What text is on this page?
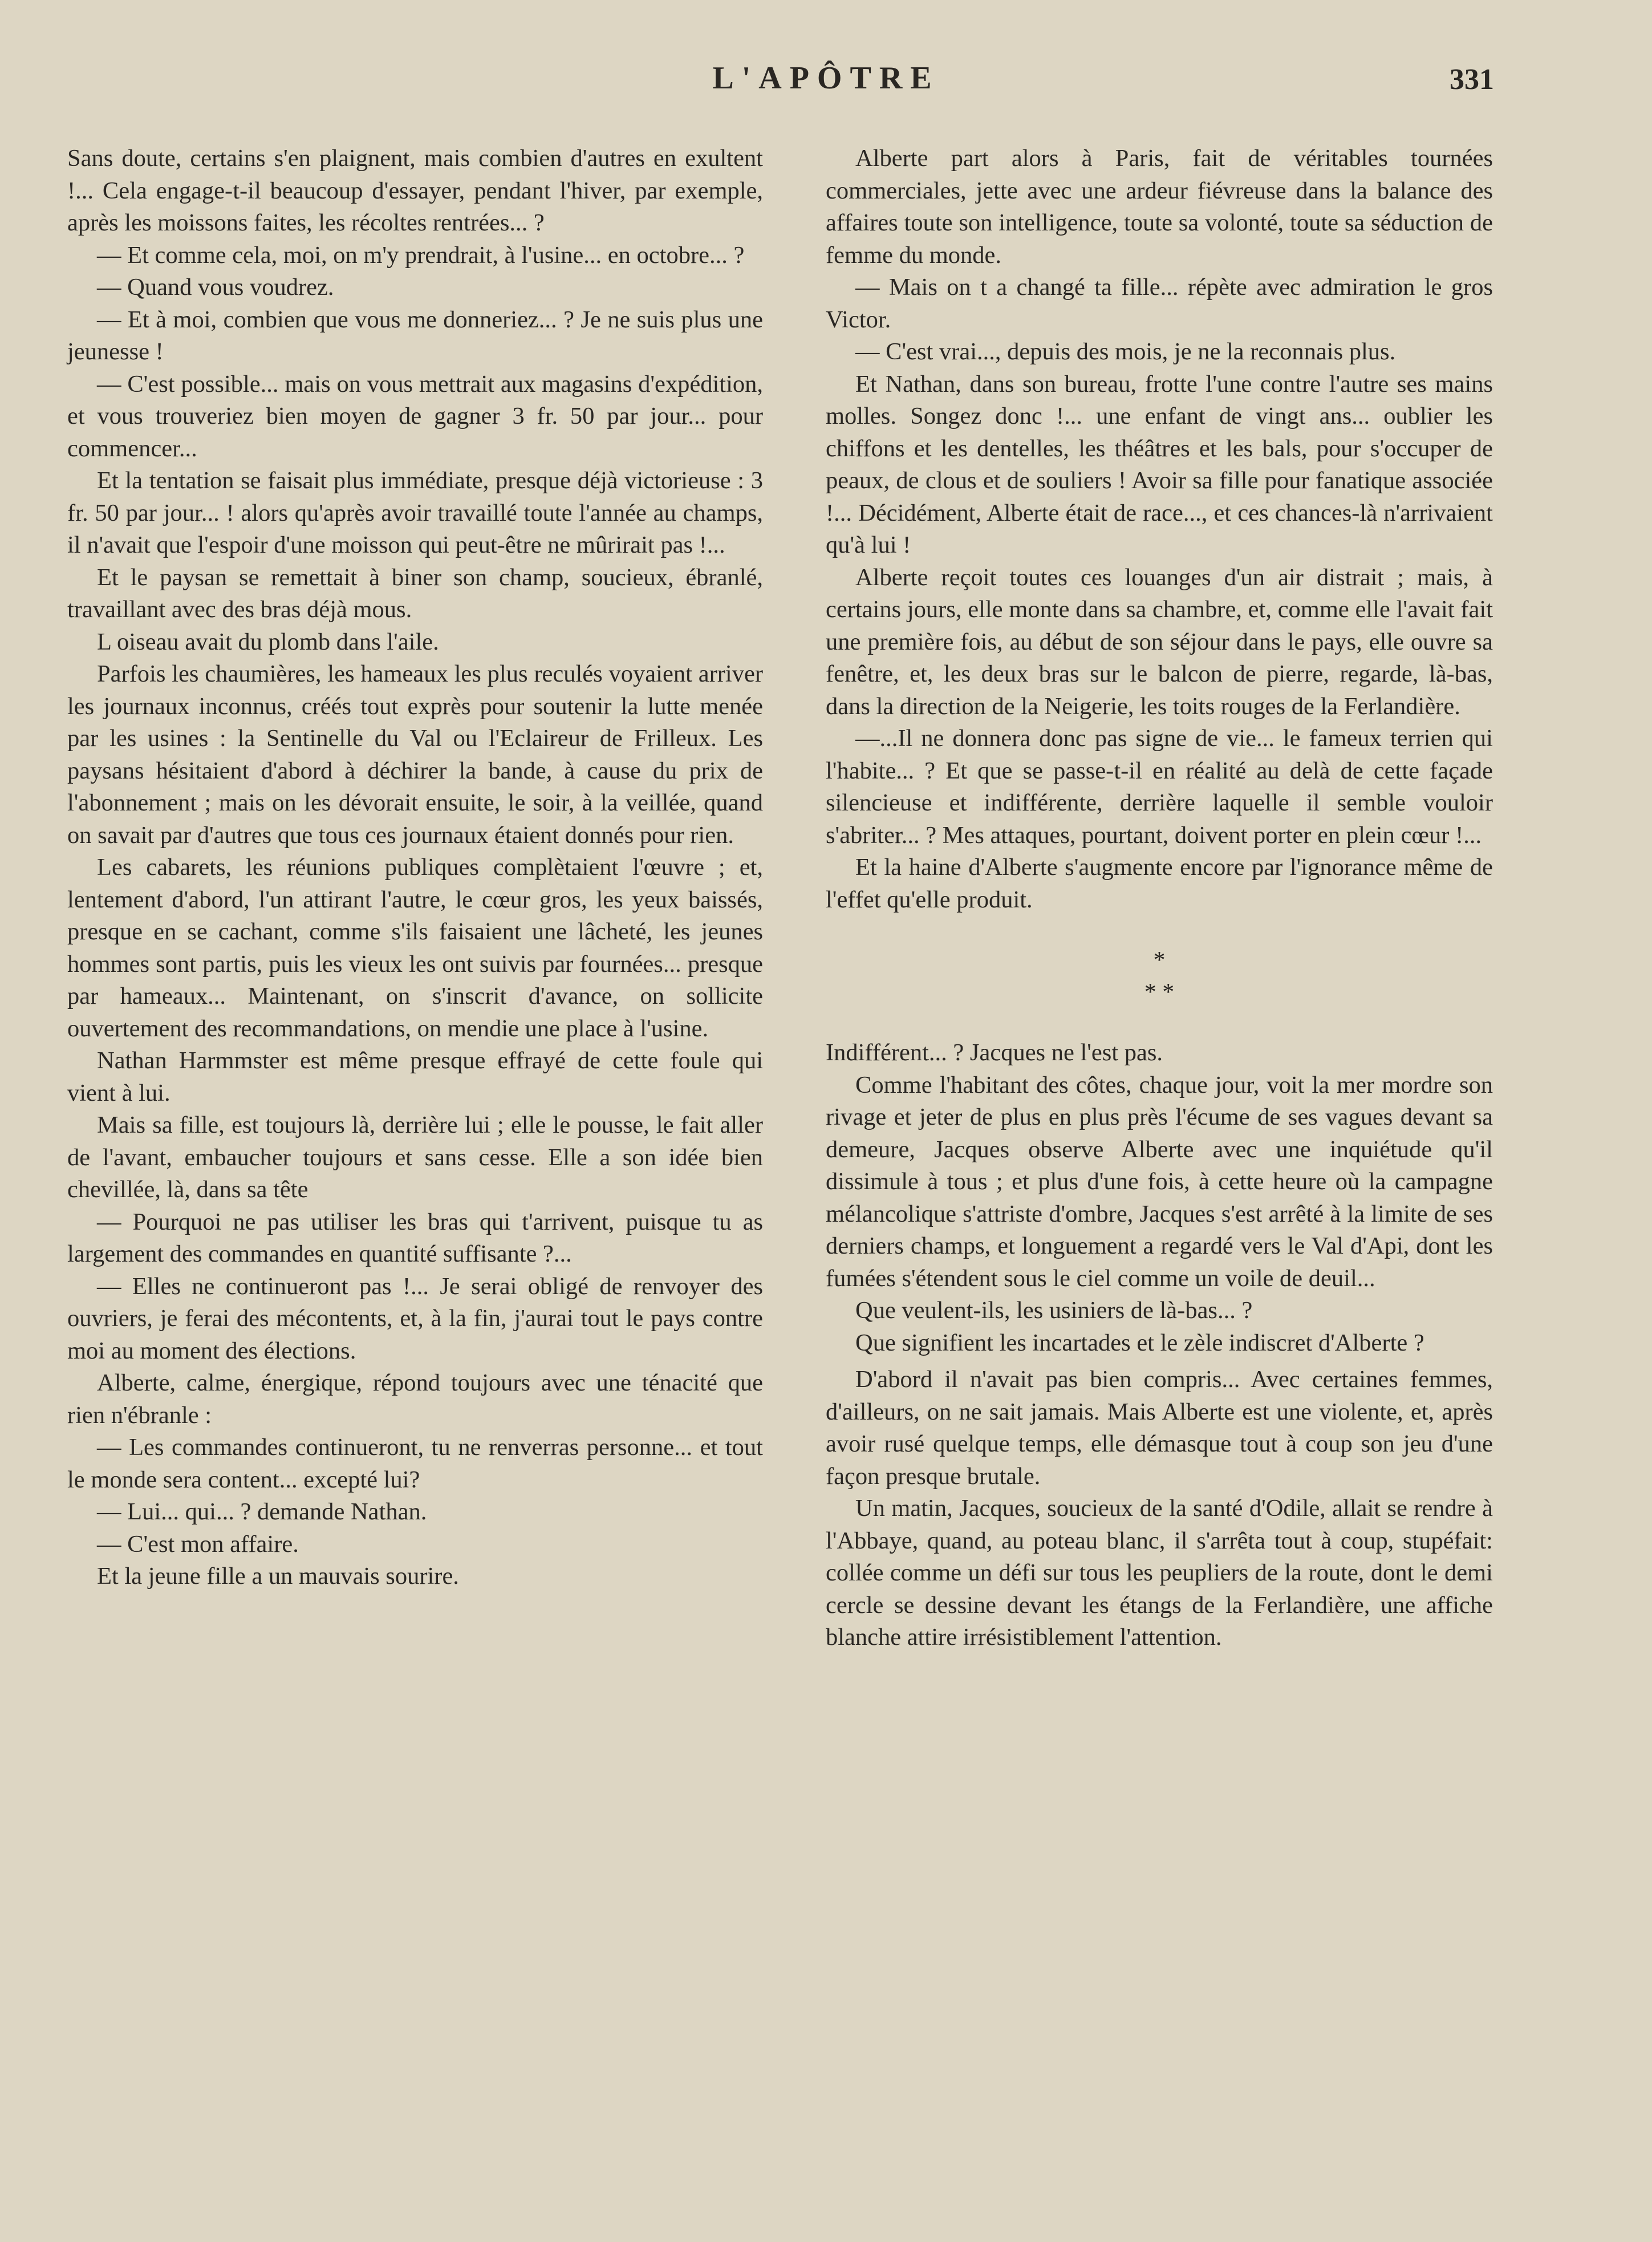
L'APÔTRE	331

Sans doute, certains s'en plaignent, mais combien d'autres en exultent !... Cela engage-t-il beaucoup d'essayer, pendant l'hiver, par exemple, après les moissons faites, les récoltes rentrées... ?

— Et comme cela, moi, on m'y prendrait, à l'usine... en octobre... ?

— Quand vous voudrez.

— Et à moi, combien que vous me donneriez... ? Je ne suis plus une jeunesse !

— C'est possible... mais on vous mettrait aux magasins d'expédition, et vous trouveriez bien moyen de gagner 3 fr. 50 par jour... pour commencer...

Et la tentation se faisait plus immédiate, presque déjà victorieuse : 3 fr. 50 par jour... ! alors qu'après avoir travaillé toute l'année au champs, il n'avait que l'espoir d'une moisson qui peut-être ne mûrirait pas !...

Et le paysan se remettait à biner son champ, soucieux, ébranlé, travaillant avec des bras déjà mous.

L oiseau avait du plomb dans l'aile.

Parfois les chaumières, les hameaux les plus reculés voyaient arriver les journaux inconnus, créés tout exprès pour soutenir la lutte menée par les usines : la Sentinelle du Val ou l'Eclaireur de Frilleux. Les paysans hésitaient d'abord à déchirer la bande, à cause du prix de l'abonnement ; mais on les dévorait ensuite, le soir, à la veillée, quand on savait par d'autres que tous ces journaux étaient donnés pour rien.

Les cabarets, les réunions publiques complètaient l'œuvre ; et, lentement d'abord, l'un attirant l'autre, le cœur gros, les yeux baissés, presque en se cachant, comme s'ils faisaient une lâcheté, les jeunes hommes sont partis, puis les vieux les ont suivis par fournées... presque par hameaux... Maintenant, on s'inscrit d'avance, on sollicite ouvertement des recommandations, on mendie une place à l'usine.

Nathan Harmmster est même presque effrayé de cette foule qui vient à lui.

Mais sa fille, est toujours là, derrière lui ; elle le pousse, le fait aller de l'avant, embaucher toujours et sans cesse. Elle a son idée bien chevillée, là, dans sa tête

— Pourquoi ne pas utiliser les bras qui t'arrivent, puisque tu as largement des commandes en quantité suffisante ?...

— Elles ne continueront pas !... Je serai obligé de renvoyer des ouvriers, je ferai des mécontents, et, à la fin, j'aurai tout le pays contre moi au moment des élections.

Alberte, calme, énergique, répond toujours avec une ténacité que rien n'ébranle :

— Les commandes continueront, tu ne renverras personne... et tout le monde sera content... excepté lui?

— Lui... qui... ? demande Nathan.

— C'est mon affaire.

Et la jeune fille a un mauvais sourire.

Alberte part alors à Paris, fait de véritables tournées commerciales, jette avec une ardeur fiévreuse dans la balance des affaires toute son intelligence, toute sa volonté, toute sa séduction de femme du monde.

— Mais on t a changé ta fille... répète avec admiration le gros Victor.

— C'est vrai..., depuis des mois, je ne la reconnais plus.

Et Nathan, dans son bureau, frotte l'une contre l'autre ses mains molles. Songez donc !... une enfant de vingt ans... oublier les chiffons et les dentelles, les théâtres et les bals, pour s'occuper de peaux, de clous et de souliers ! Avoir sa fille pour fanatique associée !... Décidément, Alberte était de race..., et ces chances-là n'arrivaient qu'à lui !

Alberte reçoit toutes ces louanges d'un air distrait ; mais, à certains jours, elle monte dans sa chambre, et, comme elle l'avait fait une première fois, au début de son séjour dans le pays, elle ouvre sa fenêtre, et, les deux bras sur le balcon de pierre, regarde, là-bas, dans la direction de la Neigerie, les toits rouges de la Ferlandière.

—...Il ne donnera donc pas signe de vie... le fameux terrien qui l'habite... ? Et que se passe-t-il en réalité au delà de cette façade silencieuse et indifférente, derrière laquelle il semble vouloir s'abriter... ? Mes attaques, pourtant, doivent porter en plein cœur !...

Et la haine d'Alberte s'augmente encore par l'ignorance même de l'effet qu'elle produit.

*
* *

Indifférent... ? Jacques ne l'est pas.

Comme l'habitant des côtes, chaque jour, voit la mer mordre son rivage et jeter de plus en plus près l'écume de ses vagues devant sa demeure, Jacques observe Alberte avec une inquiétude qu'il dissimule à tous ; et plus d'une fois, à cette heure où la campagne mélancolique s'attriste d'ombre, Jacques s'est arrêté à la limite de ses derniers champs, et longuement a regardé vers le Val d'Api, dont les fumées s'étendent sous le ciel comme un voile de deuil...

Que veulent-ils, les usiniers de là-bas... ?

Que signifient les incartades et le zèle indiscret d'Alberte ?

D'abord il n'avait pas bien compris... Avec certaines femmes, d'ailleurs, on ne sait jamais. Mais Alberte est une violente, et, après avoir rusé quelque temps, elle démasque tout à coup son jeu d'une façon presque brutale.

Un matin, Jacques, soucieux de la santé d'Odile, allait se rendre à l'Abbaye, quand, au poteau blanc, il s'arrêta tout à coup, stupéfait: collée comme un défi sur tous les peupliers de la route, dont le demi cercle se dessine devant les étangs de la Ferlandière, une affiche blanche attire irrésistiblement l'attention.
